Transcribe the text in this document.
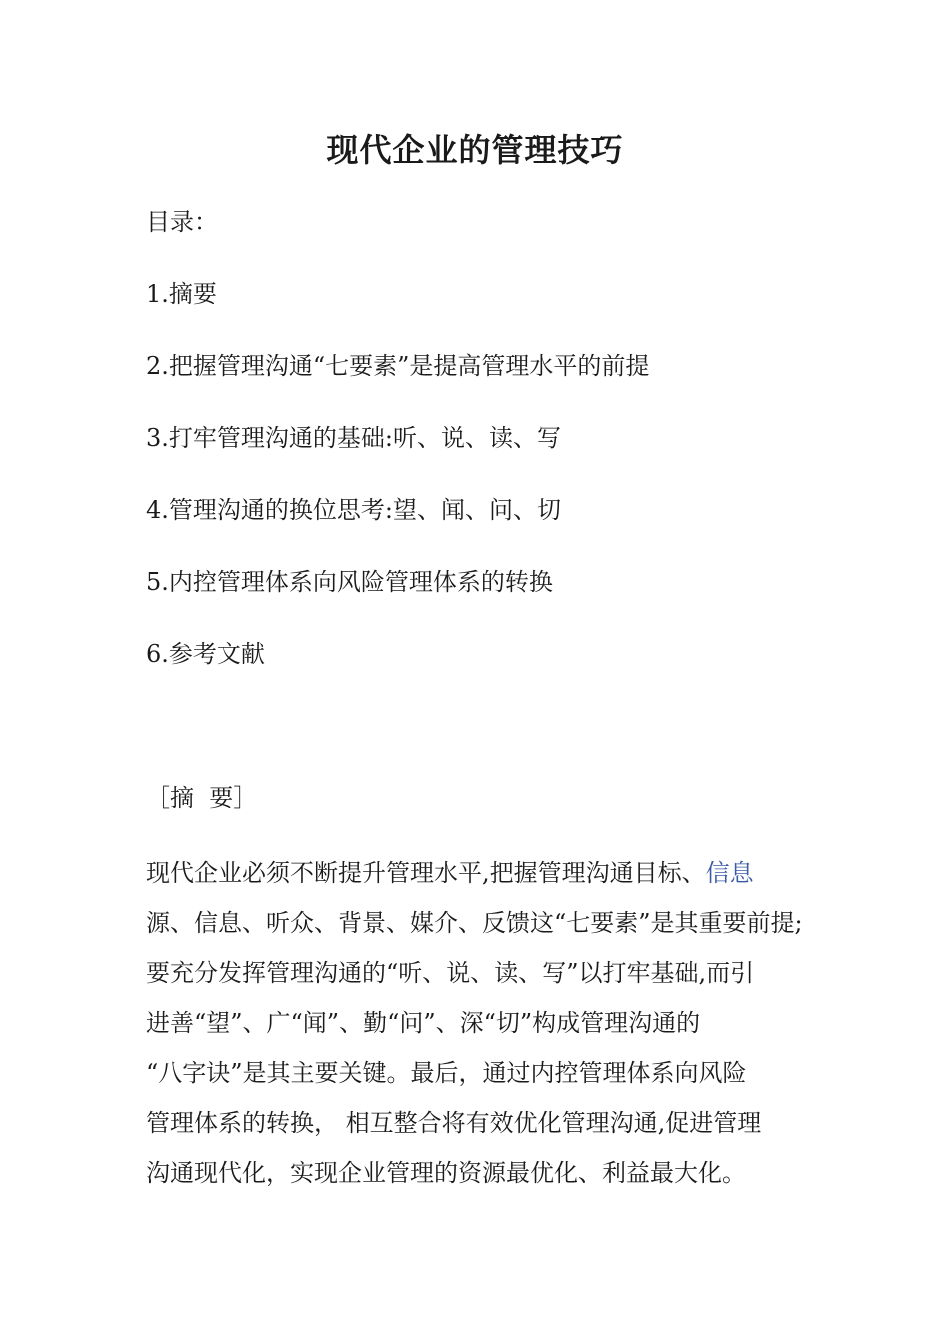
现代企业的管理技巧
目录：
1.摘要
2.把握管理沟通“七要素”是提高管理水平的前提
3.打牢管理沟通的基础:听、说、读、写
4.管理沟通的换位思考:望、闻、问、切
5.内控管理体系向风险管理体系的转换
6.参考文献
［摘  要］
现代企业必须不断提升管理水平,把握管理沟通目标、信息
源、信息、听众、背景、媒介、反馈这“七要素”是其重要前提;
要充分发挥管理沟通的“听、说、读、写”以打牢基础,而引
进善“望”、广“闻”、勤“问”、深“切”构成管理沟通的
“八字诀”是其主要关键。最后，通过内控管理体系向风险
管理体系的转换， 相互整合将有效优化管理沟通,促进管理
沟通现代化，实现企业管理的资源最优化、利益最大化。
